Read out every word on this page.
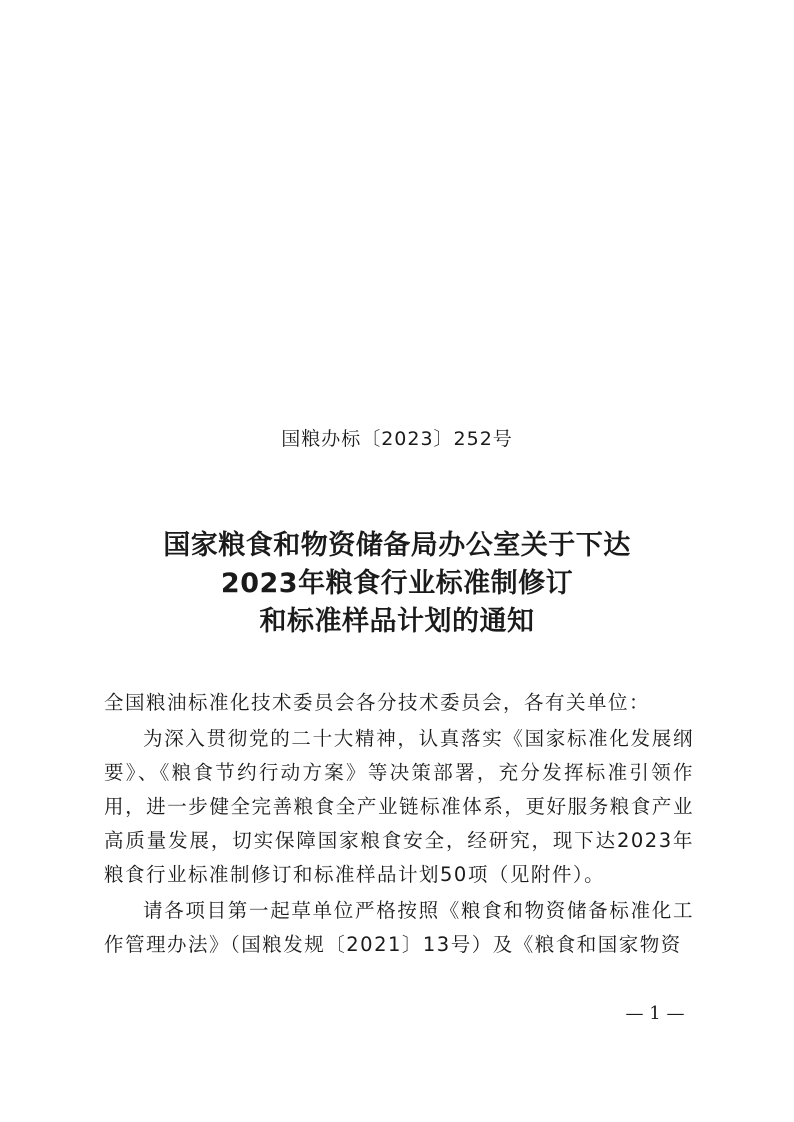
国粮办标〔2023〕252号
国家粮食和物资储备局办公室关于下达
2023年粮食行业标准制修订
和标准样品计划的通知

全国粮油标准化技术委员会各分技术委员会，各有关单位：

为深入贯彻党的二十大精神，认真落实《国家标准化发展纲要》、《粮食节约行动方案》等决策部署，充分发挥标准引领作用，进一步健全完善粮食全产业链标准体系，更好服务粮食产业高质量发展，切实保障国家粮食安全，经研究，现下达2023年粮食行业标准制修订和标准样品计划50项（见附件）。

请各项目第一起草单位严格按照《粮食和物资储备标准化工作管理办法》（国粮发规〔2021〕13号）及《粮食和国家物资

— 1 —
